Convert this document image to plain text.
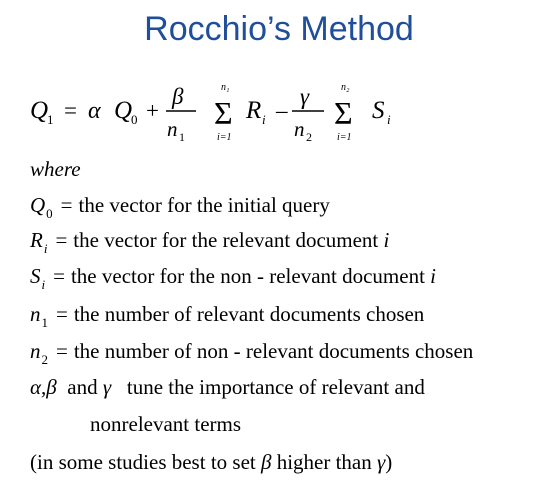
Rocchio’s Method
Q
1 = α Q
0 +
β
n 1
n₁
Σ
i=1
R i –
γ
n 2
n₂
Σ
i=1
S i
where
$Q_0$ = the vector for the initial query
$R_i$ = the vector for the relevant document i
$S_i$ = the vector for the non - relevant document i
$n_1$ = the number of relevant documents chosen
$n_2$ = the number of non - relevant documents chosen
α,β and γ tune the importance of relevant and
nonrelevant terms
(in some studies best to set β higher than γ)
